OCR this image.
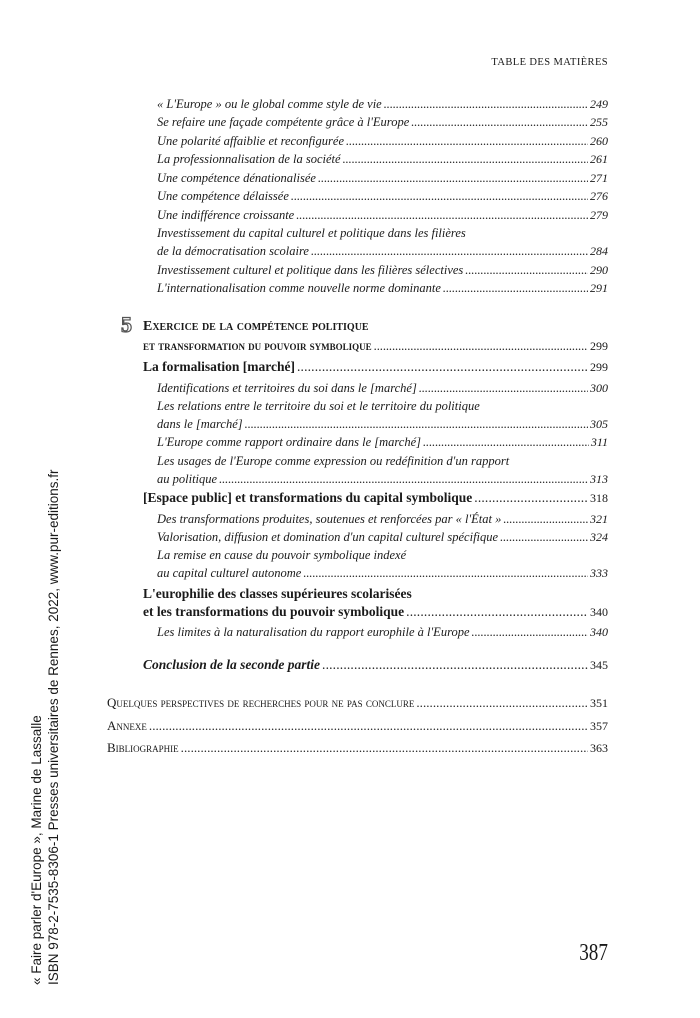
TABLE DES MATIÈRES
« L'Europe » ou le global comme style de vie . . .	249
Se refaire une façade compétente grâce à l'Europe . . .	255
Une polarité affaiblie et reconfigurée . . .	260
La professionnalisation de la société . . .	261
Une compétence dénationalisée . . .	271
Une compétence délaissée . . .	276
Une indifférence croissante . . .	279
Investissement du capital culturel et politique dans les filières
de la démocratisation scolaire . . .	284
Investissement culturel et politique dans les filières sélectives . . .	290
L'internationalisation comme nouvelle norme dominante . . .	291
5 Exercice de la compétence politique
et transformation du pouvoir symbolique . . .	299
La formalisation [marché] . . .	299
Identifications et territoires du soi dans le [marché] . . .	300
Les relations entre le territoire du soi et le territoire du politique
dans le [marché] . . .	305
L'Europe comme rapport ordinaire dans le [marché] . . .	311
Les usages de l'Europe comme expression ou redéfinition d'un rapport
au politique . . .	313
[Espace public] et transformations du capital symbolique . . .	318
Des transformations produites, soutenues et renforcées par « l'État » . . .	321
Valorisation, diffusion et domination d'un capital culturel spécifique . . .	324
La remise en cause du pouvoir symbolique indexé
au capital culturel autonome . . .	333
L'europhilie des classes supérieures scolarisées
et les transformations du pouvoir symbolique . . .	340
Les limites à la naturalisation du rapport europhile à l'Europe . . .	340
Conclusion de la seconde partie . . .	345
Quelques perspectives de recherches pour ne pas conclure . . .	351
Annexe . . .	357
Bibliographie . . .	363
387
« Faire parler d'Europe », Marine de Lassalle ISBN 978-2-7535-8306-1 Presses universitaires de Rennes, 2022, www.pur-editions.fr
